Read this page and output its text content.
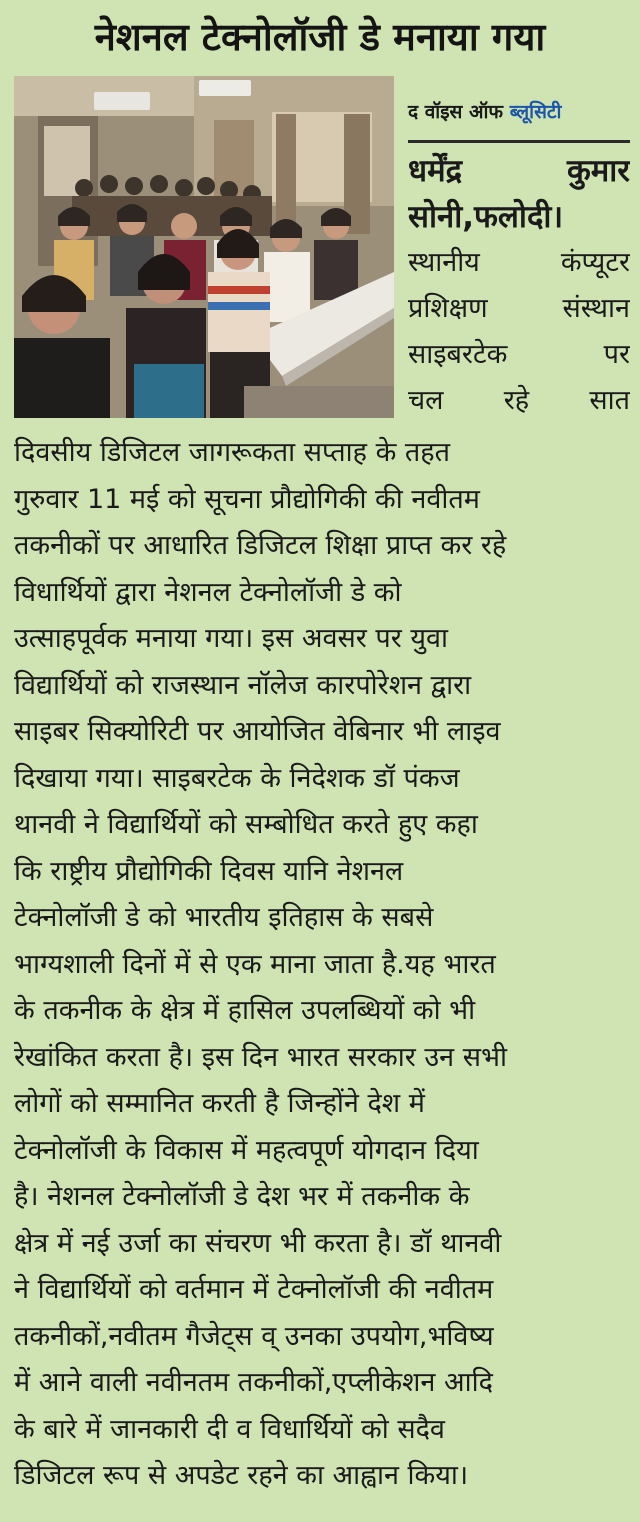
नेशनल टेक्नोलॉजी डे मनाया गया
द वॉइस ऑफ ब्लूसिटी
धर्मेंद्र	कुमार
सोनी,फलोदी।
स्थानीय	कंप्यूटर
प्रशिक्षण	संस्थान
साइबरटेक	पर
चल रहे सात
दिवसीय डिजिटल जागरूकता सप्ताह के तहत
गुरुवार 11 मई को सूचना प्रौद्योगिकी की नवीतम
तकनीकों पर आधारित डिजिटल शिक्षा प्राप्त कर रहे
विधार्थियों द्वारा नेशनल टेक्नोलॉजी डे को
उत्साहपूर्वक मनाया गया। इस अवसर पर युवा
विद्यार्थियों को राजस्थान नॉलेज कारपोरेशन द्वारा
साइबर सिक्योरिटी पर आयोजित वेबिनार भी लाइव
दिखाया गया। साइबरटेक के निदेशक डॉ पंकज
थानवी ने विद्यार्थियों को सम्बोधित करते हुए कहा
कि राष्ट्रीय प्रौद्योगिकी दिवस यानि नेशनल
टेक्नोलॉजी डे को भारतीय इतिहास के सबसे
भाग्यशाली दिनों में से एक माना जाता है.यह भारत
के तकनीक के क्षेत्र में हासिल उपलब्धियों को भी
रेखांकित करता है। इस दिन भारत सरकार उन सभी
लोगों को सम्मानित करती है जिन्होंने देश में
टेक्नोलॉजी के विकास में महत्वपूर्ण योगदान दिया
है। नेशनल टेक्नोलॉजी डे देश भर में तकनीक के
क्षेत्र में नई उर्जा का संचरण भी करता है। डॉ थानवी
ने विद्यार्थियों को वर्तमान में टेक्नोलॉजी की नवीतम
तकनीकों,नवीतम गैजेट्स व् उनका उपयोग,भविष्य
में आने वाली नवीनतम तकनीकों,एप्लीकेशन आदि
के बारे में जानकारी दी व विधार्थियों को सदैव
डिजिटल रूप से अपडेट रहने का आह्वान किया।
